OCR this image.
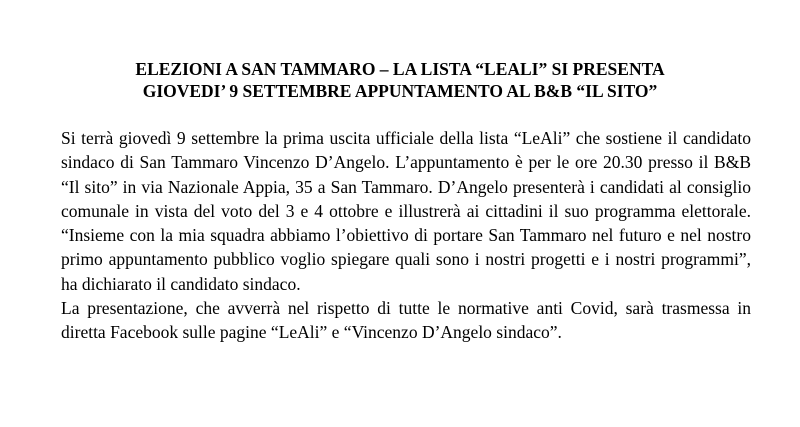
ELEZIONI A SAN TAMMARO – LA LISTA “LEALI” SI PRESENTA
GIOVEDI’ 9 SETTEMBRE APPUNTAMENTO AL B&B “IL SITO”

Si terrà giovedì 9 settembre la prima uscita ufficiale della lista “LeAli” che sostiene il candidato sindaco di San Tammaro Vincenzo D’Angelo. L’appuntamento è per le ore 20.30 presso il B&B “Il sito” in via Nazionale Appia, 35 a San Tammaro. D’Angelo presenterà i candidati al consiglio comunale in vista del voto del 3 e 4 ottobre e illustrerà ai cittadini il suo programma elettorale. “Insieme con la mia squadra abbiamo l’obiettivo di portare San Tammaro nel futuro e nel nostro primo appuntamento pubblico voglio spiegare quali sono i nostri progetti e i nostri programmi”, ha dichiarato il candidato sindaco.

La presentazione, che avverrà nel rispetto di tutte le normative anti Covid, sarà trasmessa in diretta Facebook sulle pagine “LeAli” e “Vincenzo D’Angelo sindaco”.
